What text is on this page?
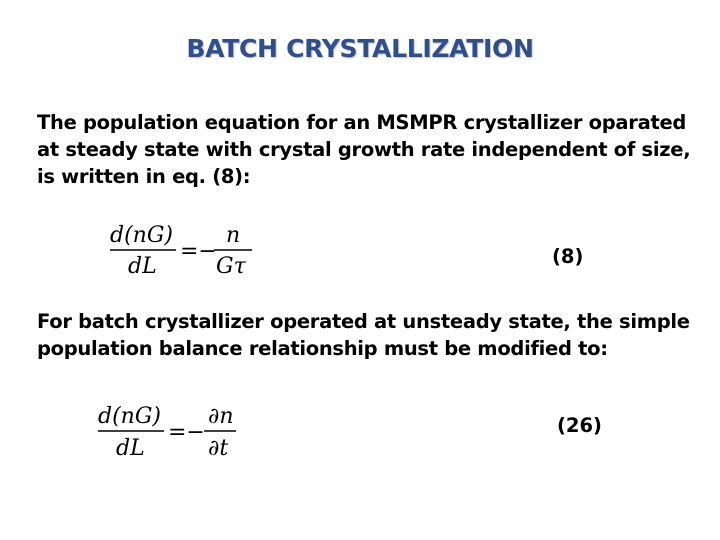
BATCH CRYSTALLIZATION

The population equation for an MSMPR crystallizer oparated at steady state with crystal growth rate independent of size, is written in eq. (8):

d(nG)
dL
=−
n
Gτ	(8)

For batch crystallizer operated at unsteady state, the simple population balance relationship must be modified to:

d(nG)
dL
=−
∂n
∂t
(26)
